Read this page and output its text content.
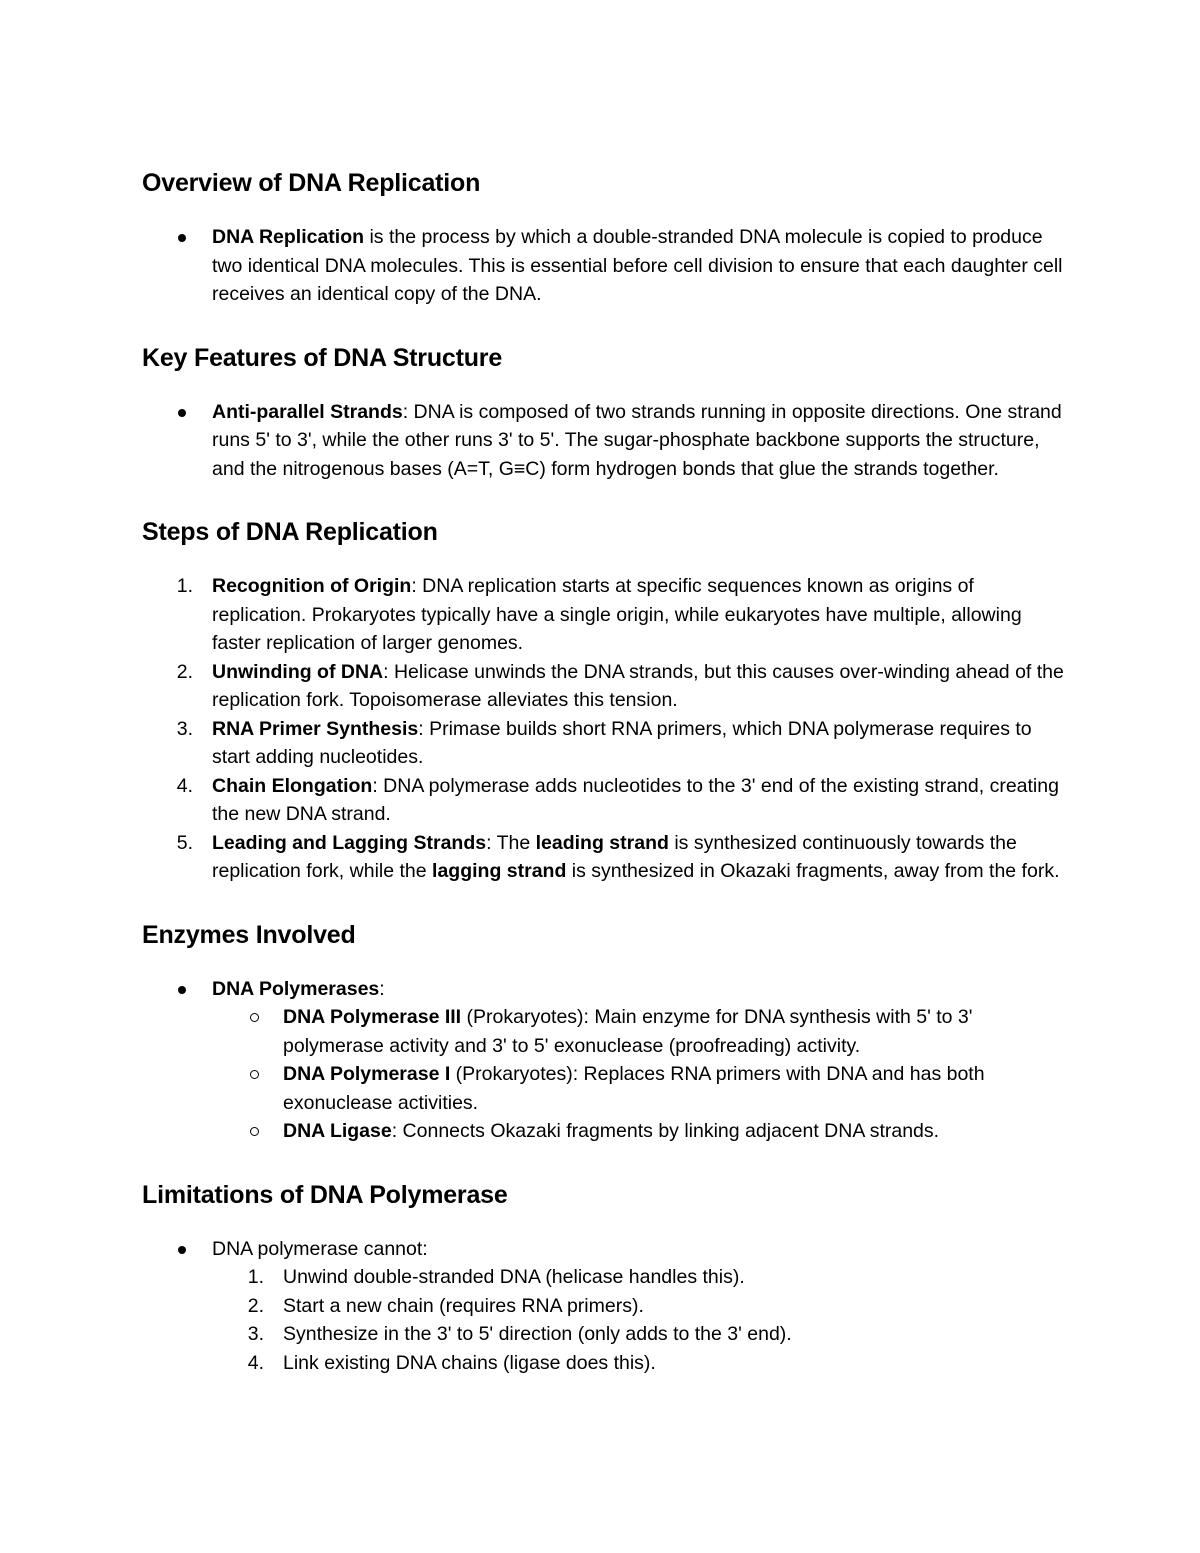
Overview of DNA Replication
DNA Replication is the process by which a double-stranded DNA molecule is copied to produce two identical DNA molecules. This is essential before cell division to ensure that each daughter cell receives an identical copy of the DNA.
Key Features of DNA Structure
Anti-parallel Strands: DNA is composed of two strands running in opposite directions. One strand runs 5' to 3', while the other runs 3' to 5'. The sugar-phosphate backbone supports the structure, and the nitrogenous bases (A=T, G≡C) form hydrogen bonds that glue the strands together.
Steps of DNA Replication
1. Recognition of Origin: DNA replication starts at specific sequences known as origins of replication. Prokaryotes typically have a single origin, while eukaryotes have multiple, allowing faster replication of larger genomes.
2. Unwinding of DNA: Helicase unwinds the DNA strands, but this causes over-winding ahead of the replication fork. Topoisomerase alleviates this tension.
3. RNA Primer Synthesis: Primase builds short RNA primers, which DNA polymerase requires to start adding nucleotides.
4. Chain Elongation: DNA polymerase adds nucleotides to the 3' end of the existing strand, creating the new DNA strand.
5. Leading and Lagging Strands: The leading strand is synthesized continuously towards the replication fork, while the lagging strand is synthesized in Okazaki fragments, away from the fork.
Enzymes Involved
DNA Polymerases:
DNA Polymerase III (Prokaryotes): Main enzyme for DNA synthesis with 5' to 3' polymerase activity and 3' to 5' exonuclease (proofreading) activity.
DNA Polymerase I (Prokaryotes): Replaces RNA primers with DNA and has both exonuclease activities.
DNA Ligase: Connects Okazaki fragments by linking adjacent DNA strands.
Limitations of DNA Polymerase
DNA polymerase cannot:
1. Unwind double-stranded DNA (helicase handles this).
2. Start a new chain (requires RNA primers).
3. Synthesize in the 3' to 5' direction (only adds to the 3' end).
4. Link existing DNA chains (ligase does this).
